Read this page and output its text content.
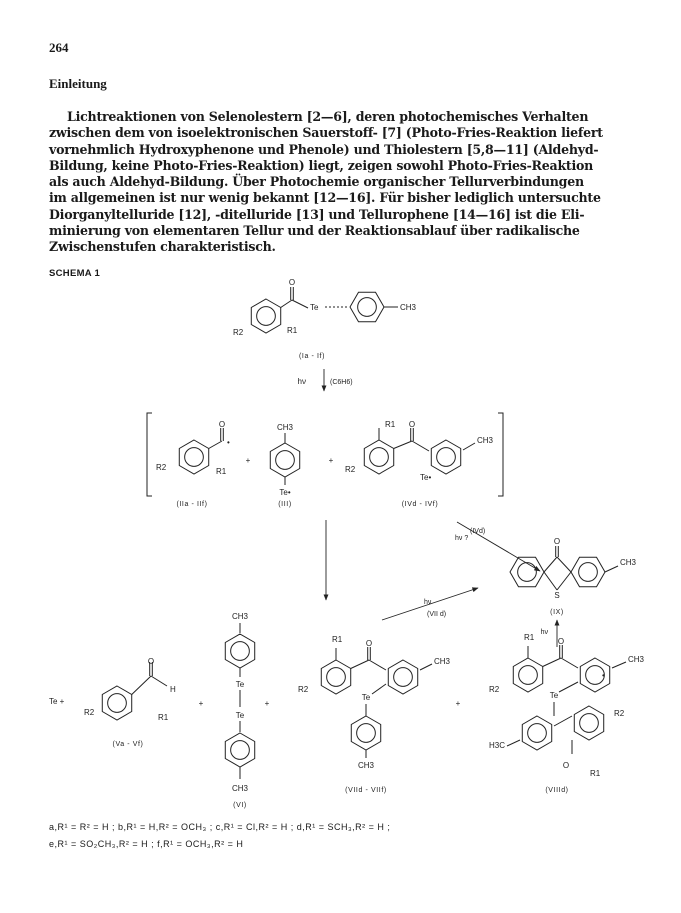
264
Einleitung

Lichtreaktionen von Selenolestern [2—6], deren photochemisches Verhalten

zwischen dem von isoelektronischen Sauerstoff- [7] (Photo-Fries-Reaktion liefert

vornehmlich Hydroxyphenone und Phenole) und Thiolestern [5,8—11] (Aldehyd-

Bildung, keine Photo-Fries-Reaktion) liegt, zeigen sowohl Photo-Fries-Reaktion

als auch Aldehyd-Bildung. Über Photochemie organischer Tellurverbindungen

im allgemeinen ist nur wenig bekannt [12—16]. Für bisher lediglich untersuchte

Diorganyltelluride [12], -ditelluride [13] und Tellurophene [14—16] ist die Eli-

minierung von elementaren Tellur und der Reaktionsablauf über radikalische

Zwischenstufen charakteristisch.

SCHEMA 1
O
Te	CH3
R1
R2
(Ia - If)
hν	(C6H6)
O
•
R1
R2
(IIa - IIf)
+
CH3
Te•
(III)
+
O
R1
R2
CH3
Te•
(IVd - IVf)
(IVd)
hν ?	O
S
CH3
(IX)
hν
(VII d)
hν
Te +
O
H
R1
R2
(Va - Vf)
+
CH3
Te
Te
CH3
(VI)
+
O
R1
R2
CH3
Te
CH3
(VIId - VIIf)
+
O
R1
R2
CH3
•
Te
H3C
R2
O
R1
(VIIId)
a,R¹ = R² = H ; b,R¹ = H,R² = OCH₃ ; c,R¹ = Cl,R² = H ; d,R¹ = SCH₃,R² = H ;
e,R¹ = SO₂CH₃,R² = H ; f,R¹ = OCH₃,R² = H
